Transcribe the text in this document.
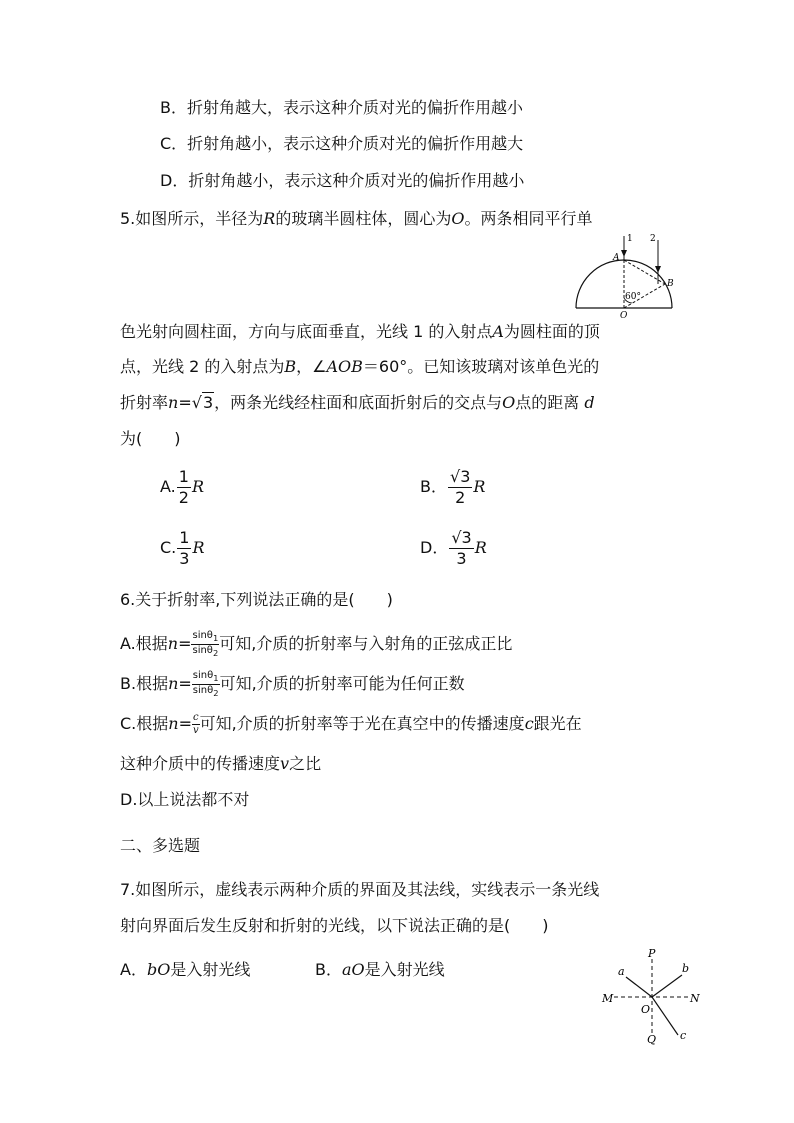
B．折射角越大，表示这种介质对光的偏折作用越小
C．折射角越小，表示这种介质对光的偏折作用越大
D．折射角越小，表示这种介质对光的偏折作用越小
5.如图所示，半径为R的玻璃半圆柱体，圆心为O。两条相同平行单
1 2
A
B
O
60°
色光射向圆柱面，方向与底面垂直，光线 1 的入射点A为圆柱面的顶
点，光线 2 的入射点为B，∠AOB＝60°。已知该玻璃对该单色光的
折射率n=√3，两条光线经柱面和底面折射后的交点与O点的距离 d
为(　　)
A. $\frac{1}{2}$ R	B． $\frac{√3}{2}$ R
C. $\frac{1}{3}$ R	D． $\frac{√3}{3}$ R
6.关于折射率,下列说法正确的是(　　)
A.根据$n= \frac{\sin\theta_1}{\sin\theta_2}$ 可知,介质的折射率与入射角的正弦成正比
B.根据$n= \frac{\sin\theta_1}{\sin\theta_2}$ 可知,介质的折射率可能为任何正数
C.根据$n= \frac{c}{v}$ 可知,介质的折射率等于光在真空中的传播速度c跟光在
这种介质中的传播速度v之比
D.以上说法都不对
二、多选题
7.如图所示，虚线表示两种介质的界面及其法线，实线表示一条光线
射向界面后发生反射和折射的光线，以下说法正确的是(　　)
A．bO是入射光线	B．aO是入射光线
P
Q
M	N
O
a	b
c
